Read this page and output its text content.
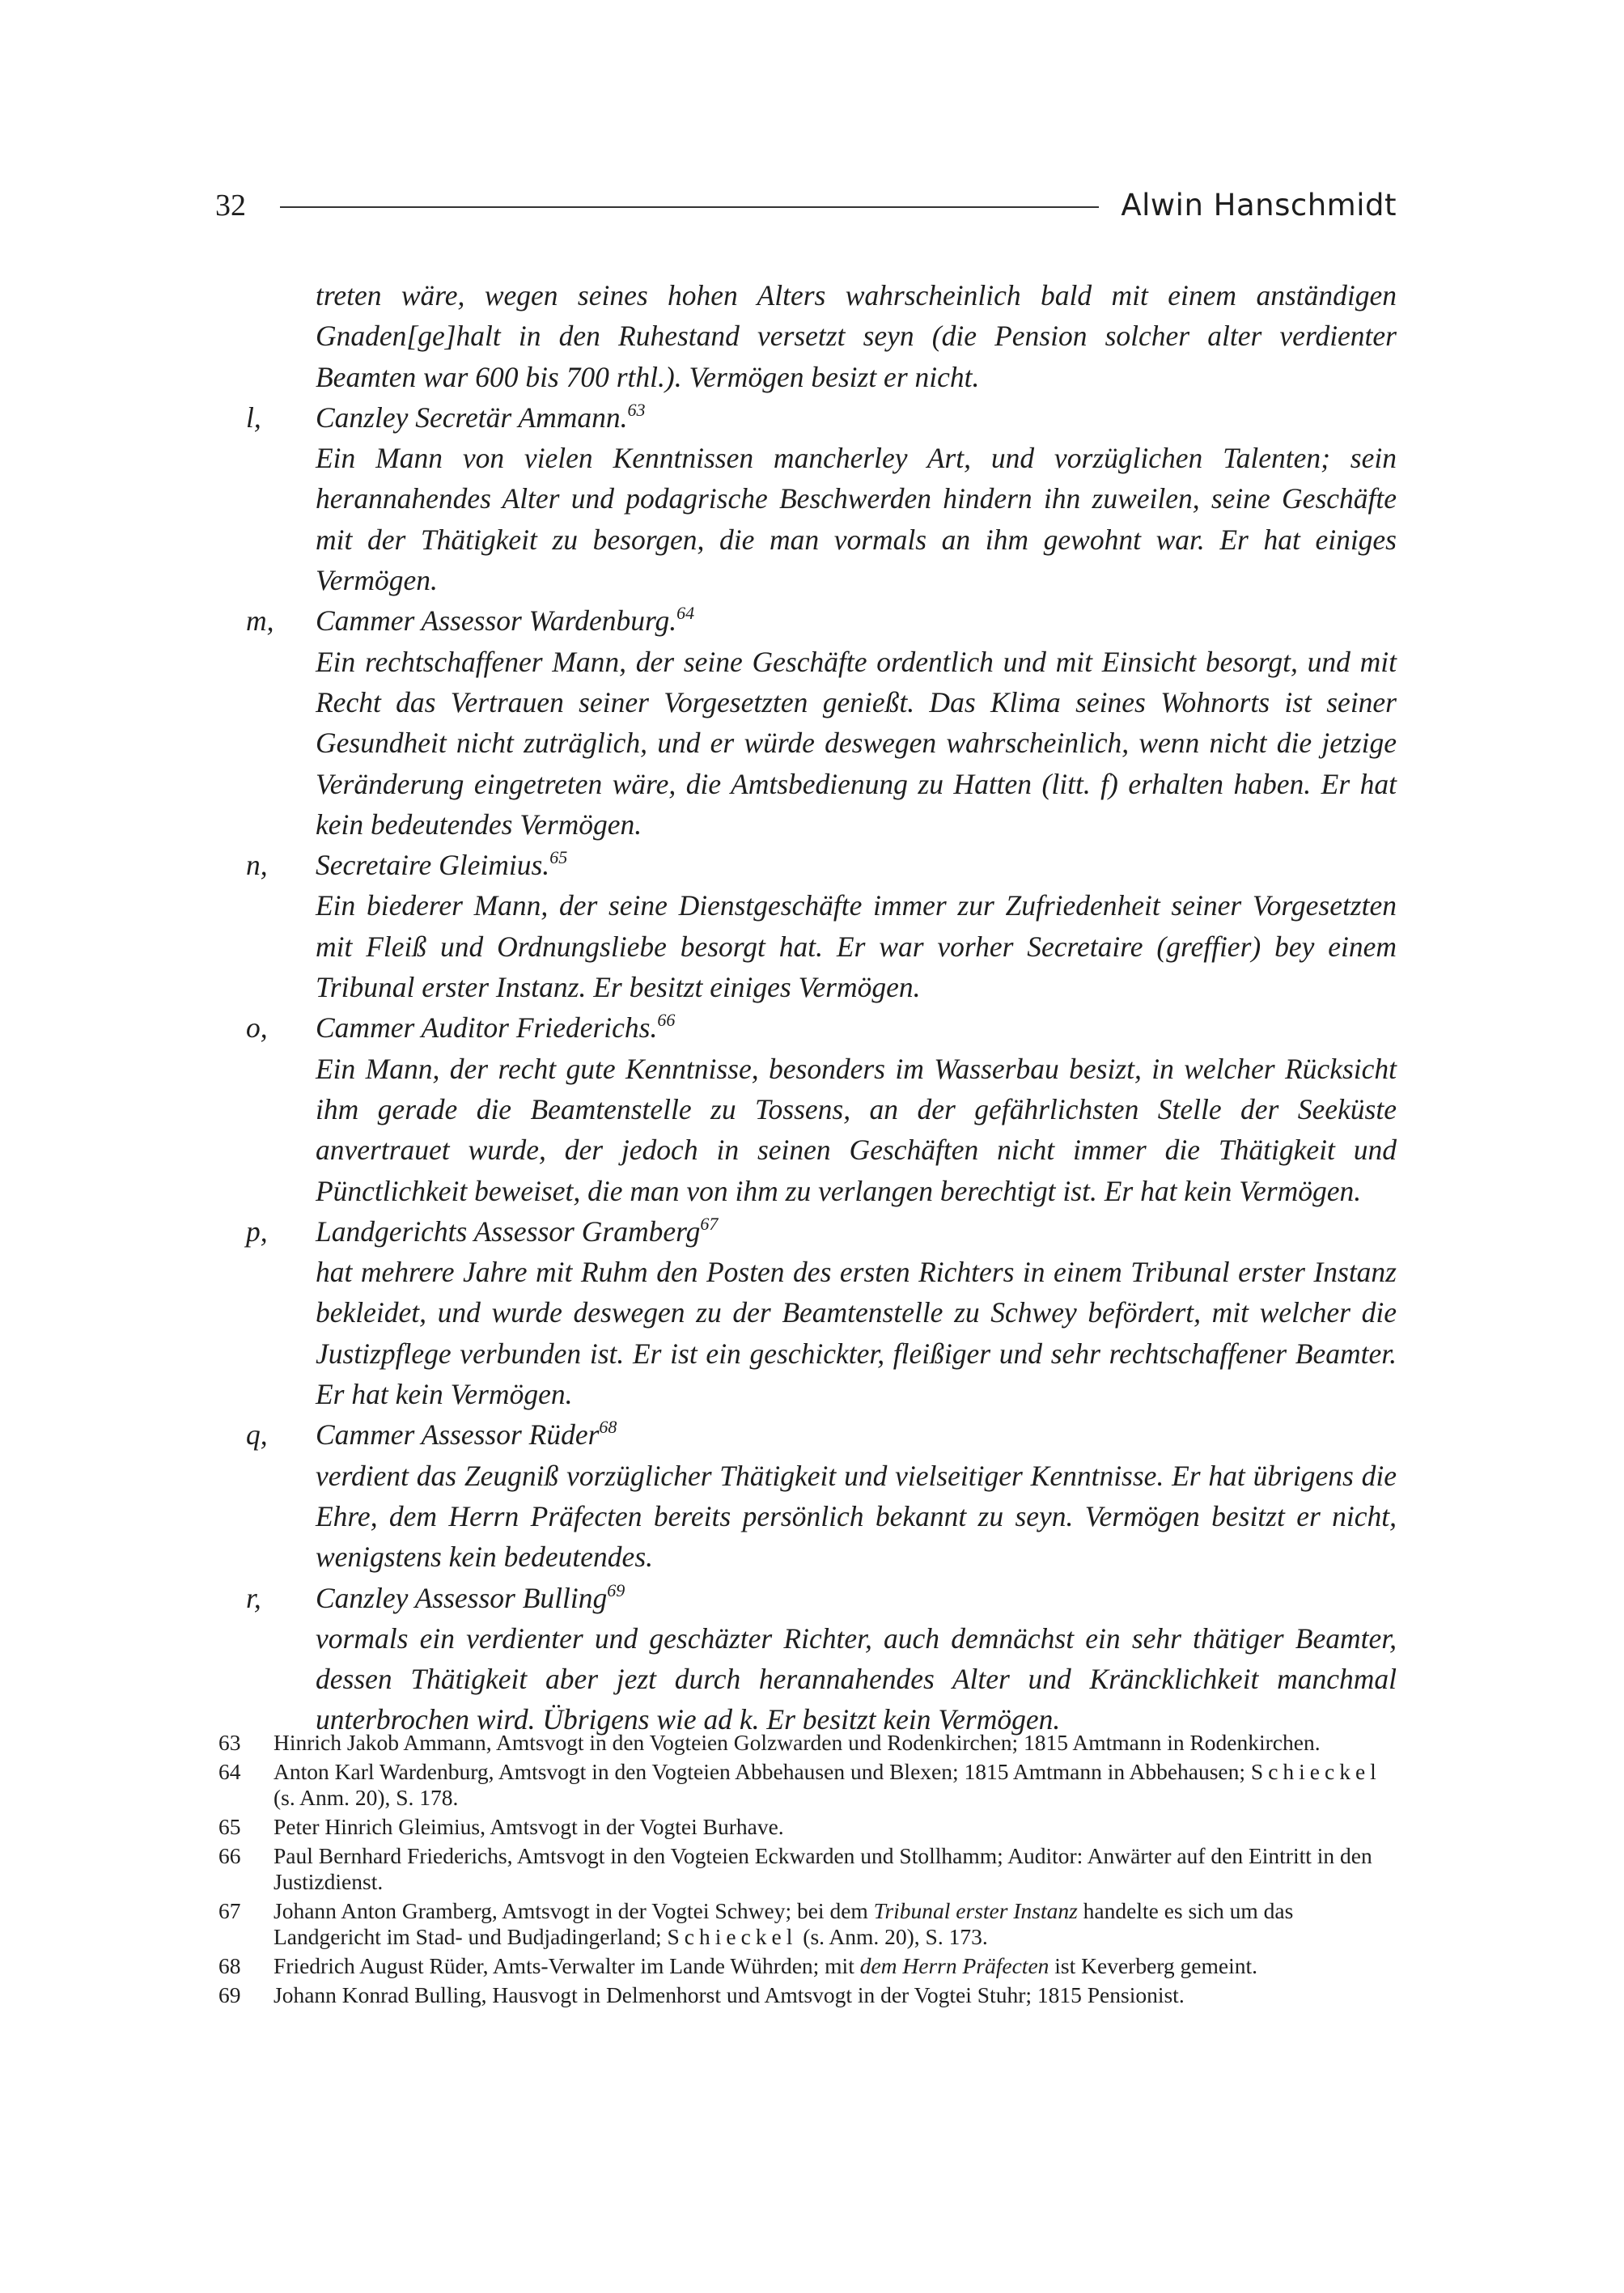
32	Alwin Hanschmidt
treten wäre, wegen seines hohen Alters wahrscheinlich bald mit einem anständigen Gnaden[ge]halt in den Ruhestand versetzt seyn (die Pension solcher alter verdienter Beamten war 600 bis 700 rthl.). Vermögen besizt er nicht.
l, Canzley Secretär Ammann.$^{63}$
Ein Mann von vielen Kenntnissen mancherley Art, und vorzüglichen Talenten; sein herannahendes Alter und podagrische Beschwerden hindern ihn zuweilen, seine Geschäfte mit der Thätigkeit zu besorgen, die man vormals an ihm gewohnt war. Er hat einiges Vermögen.
m, Cammer Assessor Wardenburg.$^{64}$
Ein rechtschaffener Mann, der seine Geschäfte ordentlich und mit Einsicht besorgt, und mit Recht das Vertrauen seiner Vorgesetzten genießt. Das Klima seines Wohnorts ist seiner Gesundheit nicht zuträglich, und er würde deswegen wahrscheinlich, wenn nicht die jetzige Veränderung eingetreten wäre, die Amtsbedienung zu Hatten (litt. f) erhalten haben. Er hat kein bedeutendes Vermögen.
n, Secretaire Gleimius.$^{65}$
Ein biederer Mann, der seine Dienstgeschäfte immer zur Zufriedenheit seiner Vorgesetzten mit Fleiß und Ordnungsliebe besorgt hat. Er war vorher Secretaire (greffier) bey einem Tribunal erster Instanz. Er besitzt einiges Vermögen.
o, Cammer Auditor Friederichs.$^{66}$
Ein Mann, der recht gute Kenntnisse, besonders im Wasserbau besizt, in welcher Rücksicht ihm gerade die Beamtenstelle zu Tossens, an der gefährlichsten Stelle der Seeküste anvertrauet wurde, der jedoch in seinen Geschäften nicht immer die Thätigkeit und Pünctlichkeit beweiset, die man von ihm zu verlangen berechtigt ist. Er hat kein Vermögen.
p, Landgerichts Assessor Gramberg$^{67}$
hat mehrere Jahre mit Ruhm den Posten des ersten Richters in einem Tribunal erster Instanz bekleidet, und wurde deswegen zu der Beamtenstelle zu Schwey befördert, mit welcher die Justizpflege verbunden ist. Er ist ein geschickter, fleißiger und sehr rechtschaffener Beamter. Er hat kein Vermögen.
q, Cammer Assessor Rüder$^{68}$
verdient das Zeugniß vorzüglicher Thätigkeit und vielseitiger Kenntnisse. Er hat übrigens die Ehre, dem Herrn Präfecten bereits persönlich bekannt zu seyn. Vermögen besitzt er nicht, wenigstens kein bedeutendes.
r, Canzley Assessor Bulling$^{69}$
vormals ein verdienter und geschäzter Richter, auch demnächst ein sehr thätiger Beamter, dessen Thätigkeit aber jezt durch herannahendes Alter und Kräncklichkeit manchmal unterbrochen wird. Übrigens wie ad k. Er besitzt kein Vermögen.
63 Hinrich Jakob Ammann, Amtsvogt in den Vogteien Golzwarden und Rodenkirchen; 1815 Amtmann in Rodenkirchen.
64 Anton Karl Wardenburg, Amtsvogt in den Vogteien Abbehausen und Blexen; 1815 Amtmann in Abbehausen; Schieckel (s. Anm. 20), S. 178.
65 Peter Hinrich Gleimius, Amtsvogt in der Vogtei Burhave.
66 Paul Bernhard Friederichs, Amtsvogt in den Vogteien Eckwarden und Stollhamm; Auditor: Anwärter auf den Eintritt in den Justizdienst.
67 Johann Anton Gramberg, Amtsvogt in der Vogtei Schwey; bei dem Tribunal erster Instanz handelte es sich um das Landgericht im Stad- und Budjadingerland; Schieckel (s. Anm. 20), S. 173.
68 Friedrich August Rüder, Amts-Verwalter im Lande Wührden; mit dem Herrn Präfecten ist Keverberg gemeint.
69 Johann Konrad Bulling, Hausvogt in Delmenhorst und Amtsvogt in der Vogtei Stuhr; 1815 Pensionist.
